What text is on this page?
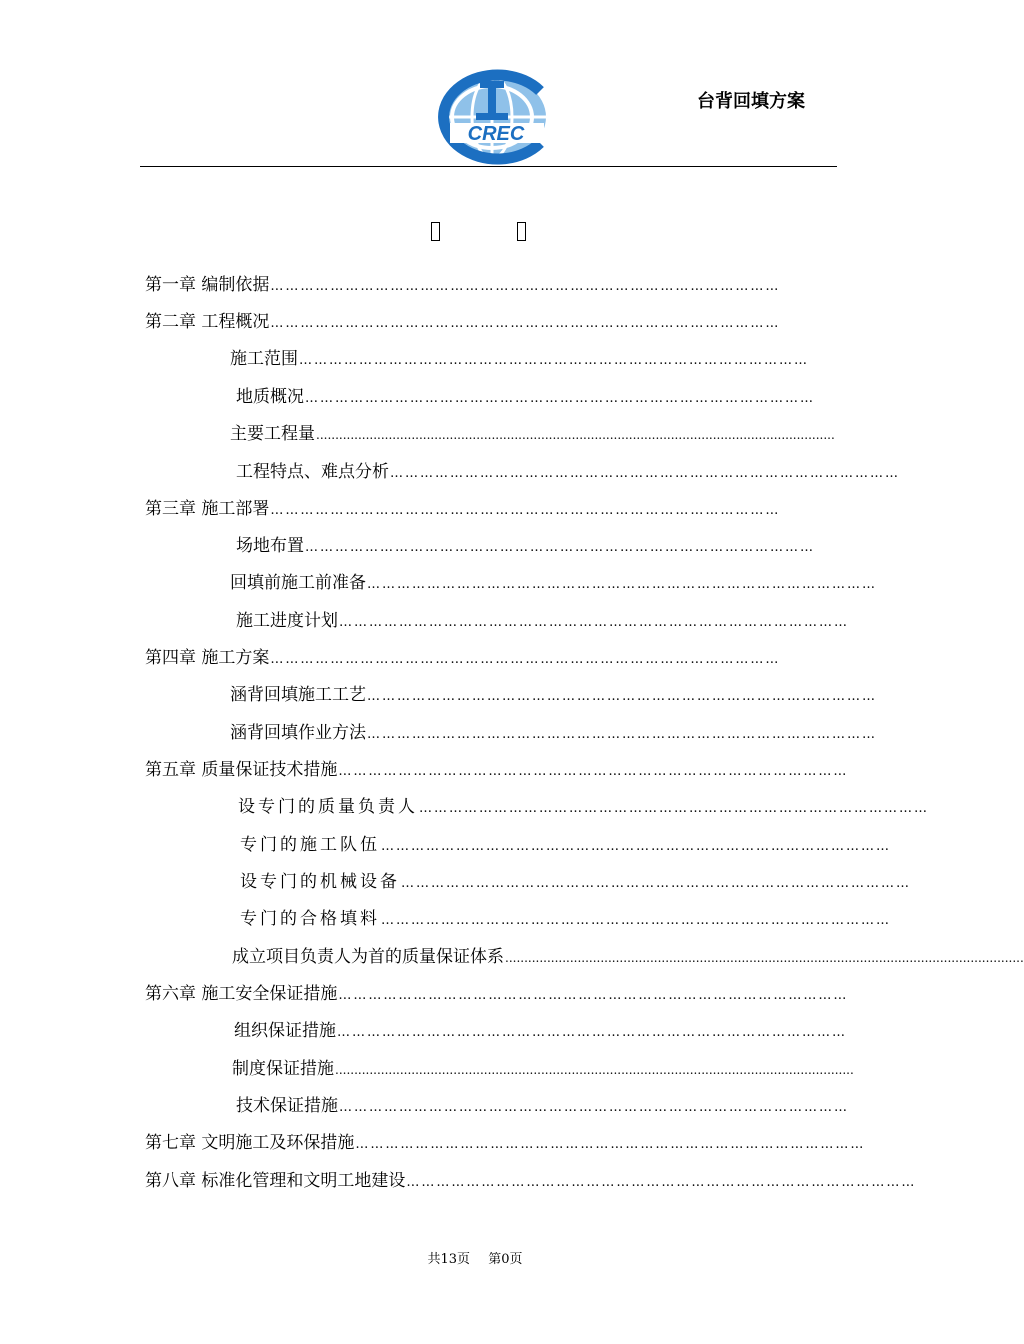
CREC
台背回填方案
第一章 编制依据 …………………………………………………………………………………………
第二章 工程概况 …………………………………………………………………………………………
施工范围 …………………………………………………………………………………………
地质概况 …………………………………………………………………………………………
主要工程量 ........................................................................................................................................
工程特点、难点分析 …………………………………………………………………………………………
第三章 施工部署 …………………………………………………………………………………………
场地布置 …………………………………………………………………………………………
回填前施工前准备 …………………………………………………………………………………………
施工进度计划 …………………………………………………………………………………………
第四章 施工方案 …………………………………………………………………………………………
涵背回填施工工艺 …………………………………………………………………………………………
涵背回填作业方法 …………………………………………………………………………………………
第五章 质量保证技术措施 …………………………………………………………………………………………
设专门的质量负责人 …………………………………………………………………………………………
专门的施工队伍 …………………………………………………………………………………………
设专门的机械设备 …………………………………………………………………………………………
专门的合格填料 …………………………………………………………………………………………
成立项目负责人为首的质量保证体系 ........................................................................................................................................
第六章 施工安全保证措施 …………………………………………………………………………………………
组织保证措施 …………………………………………………………………………………………
制度保证措施 ........................................................................................................................................
技术保证措施 …………………………………………………………………………………………
第七章 文明施工及环保措施 …………………………………………………………………………………………
第八章 标准化管理和文明工地建设 …………………………………………………………………………………………
共13页 第0页
